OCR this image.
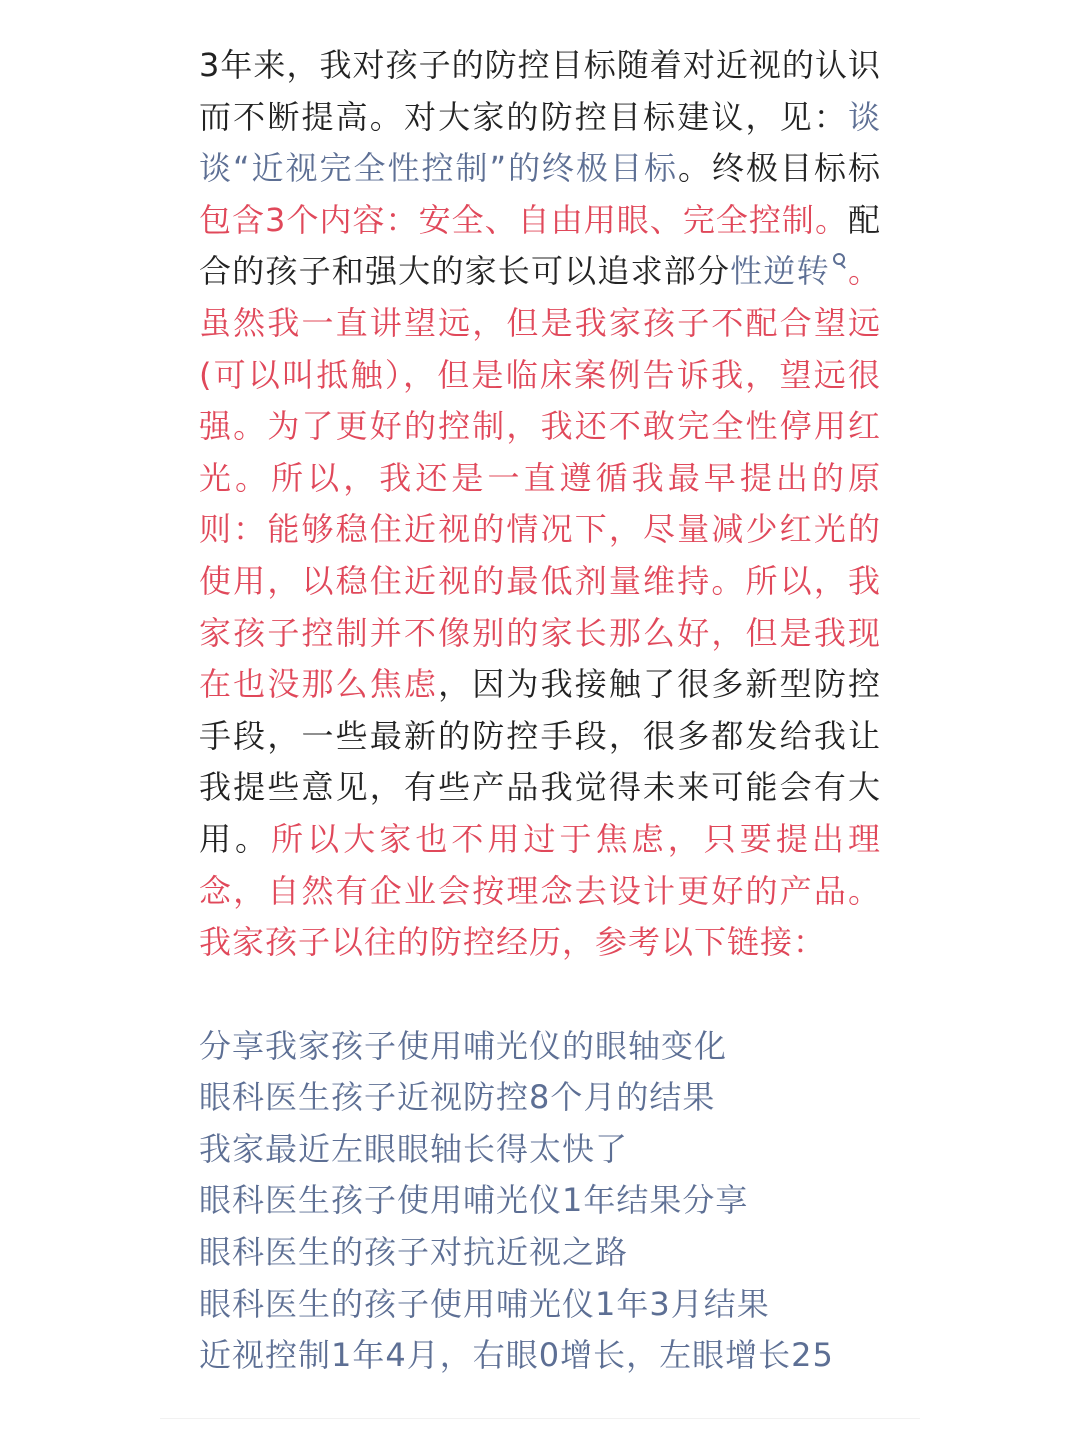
3年来，我对孩子的防控目标随着对近视的认识而不断提高。对大家的防控目标建议，见：谈谈“近视完全性控制”的终极目标。终极目标标包含3个内容：安全、自由用眼、完全控制。配合的孩子和强大的家长可以追求部分性逆转 。虽然我一直讲望远，但是我家孩子不配合望远(可以叫抵触），但是临床案例告诉我，望远很强。为了更好的控制，我还不敢完全性停用红光。所以，我还是一直遵循我最早提出的原则：能够稳住近视的情况下，尽量减少红光的使用，以稳住近视的最低剂量维持。所以，我家孩子控制并不像别的家长那么好，但是我现在也没那么焦虑，因为我接触了很多新型防控手段，一些最新的防控手段，很多都发给我让我提些意见，有些产品我觉得未来可能会有大用。所以大家也不用过于焦虑，只要提出理念，自然有企业会按理念去设计更好的产品。我家孩子以往的防控经历，参考以下链接：

分享我家孩子使用哺光仪的眼轴变化
眼科医生孩子近视防控8个月的结果
我家最近左眼眼轴长得太快了
眼科医生孩子使用哺光仪1年结果分享
眼科医生的孩子对抗近视之路
眼科医生的孩子使用哺光仪1年3月结果
近视控制1年4月，右眼0增长，左眼增长25
